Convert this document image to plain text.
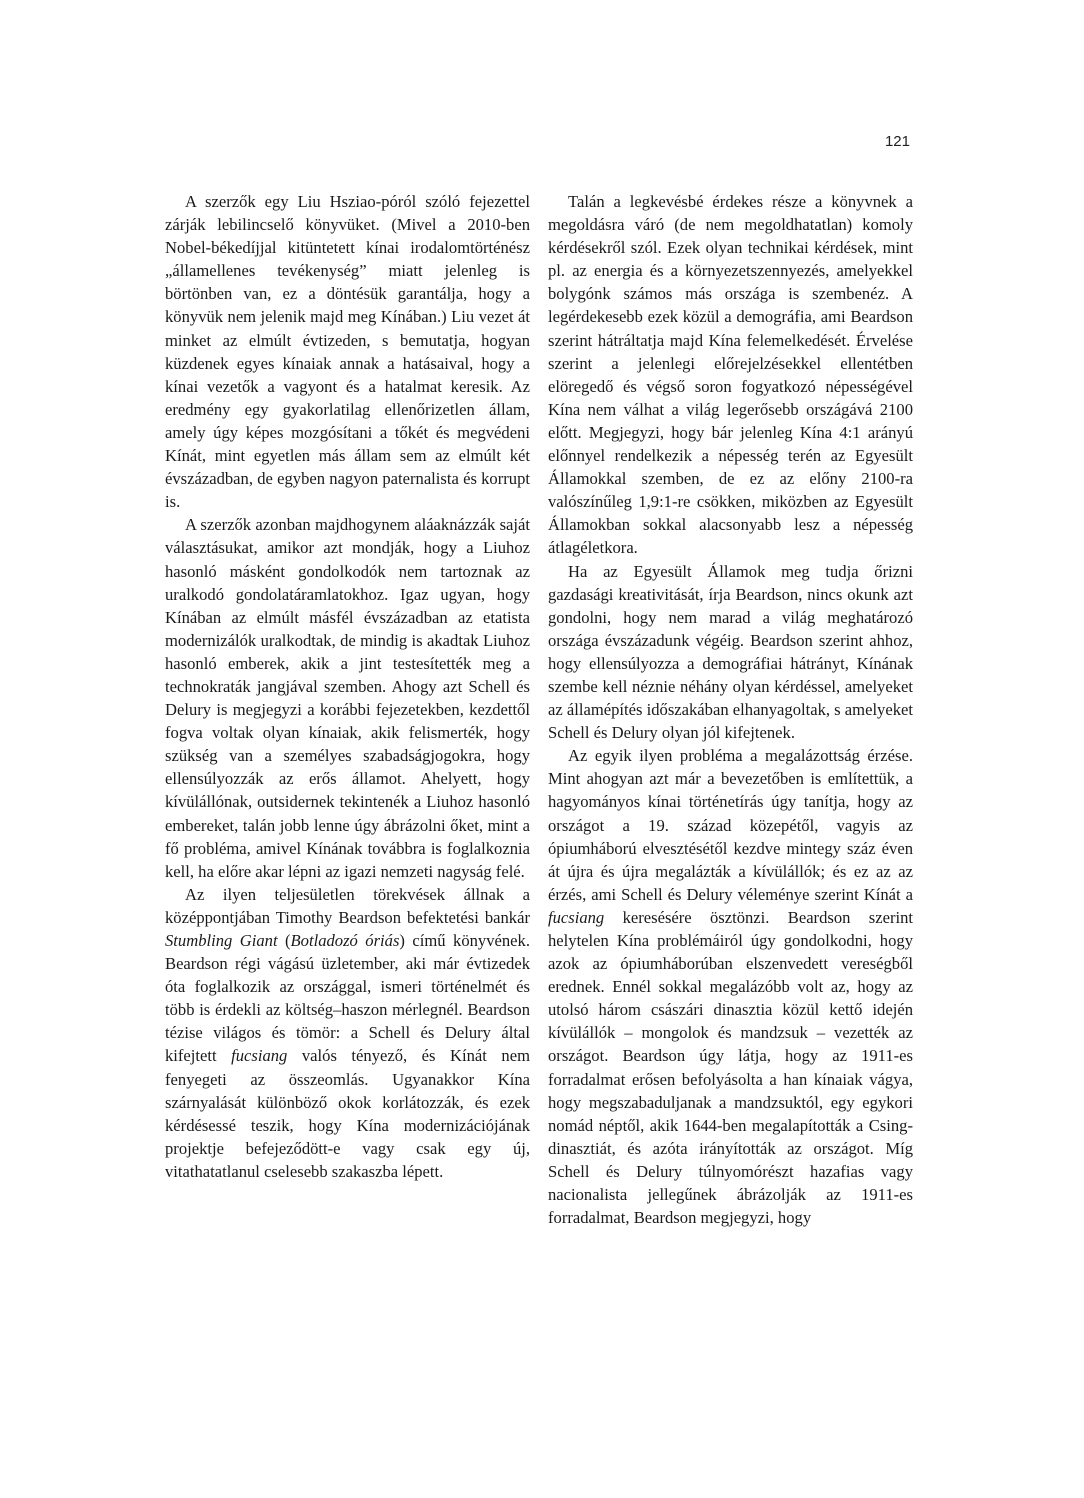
121

A szerzők egy Liu Hsziao-póról szóló fejezettel zárják lebilincselő könyvüket. (Mivel a 2010-ben Nobel-békedíjjal kitüntetett kínai irodalomtörténész „államellenes tevékenység” miatt jelenleg is börtönben van, ez a döntésük garantálja, hogy a könyvük nem jelenik majd meg Kínában.) Liu vezet át minket az elmúlt évtizeden, s bemutatja, hogyan küzdenek egyes kínaiak annak a hatásaival, hogy a kínai vezetők a vagyont és a hatalmat keresik. Az eredmény egy gyakorlatilag ellenőrizetlen állam, amely úgy képes mozgósítani a tőkét és megvédeni Kínát, mint egyetlen más állam sem az elmúlt két évszázadban, de egyben nagyon paternalista és korrupt is.

A szerzők azonban majdhogynem aláaknázzák saját választásukat, amikor azt mondják, hogy a Liuhoz hasonló másként gondolkodók nem tartoznak az uralkodó gondolatáramlatokhoz. Igaz ugyan, hogy Kínában az elmúlt másfél évszázadban az etatista modernizálók uralkodtak, de mindig is akadtak Liuhoz hasonló emberek, akik a jint testesítették meg a technokraták jangjával szemben. Ahogy azt Schell és Delury is megjegyzi a korábbi fejezetekben, kezdettől fogva voltak olyan kínaiak, akik felismerték, hogy szükség van a személyes szabadságjogokra, hogy ellensúlyozzák az erős államot. Ahelyett, hogy kívülállónak, outsidernek tekintenék a Liuhoz hasonló embereket, talán jobb lenne úgy ábrázolni őket, mint a fő probléma, amivel Kínának továbbra is foglalkoznia kell, ha előre akar lépni az igazi nemzeti nagyság felé.

Az ilyen teljesületlen törekvések állnak a középpontjában Timothy Beardson befektetési bankár Stumbling Giant (Botladozó óriás) című könyvének. Beardson régi vágású üzletember, aki már évtizedek óta foglalkozik az országgal, ismeri történelmét és több is érdekli az költség–haszon mérlegnél. Beardson tézise világos és tömör: a Schell és Delury által kifejtett fucsiang valós tényező, és Kínát nem fenyegeti az összeomlás. Ugyanakkor Kína szárnyalását különböző okok korlátozzák, és ezek kérdésessé teszik, hogy Kína modernizációjának projektje befejeződött-e vagy csak egy új, vitathatatlanul cselesebb szakaszba lépett.

Talán a legkevésbé érdekes része a könyvnek a megoldásra váró (de nem megoldhatatlan) komoly kérdésekről szól. Ezek olyan technikai kérdések, mint pl. az energia és a környezetszennyezés, amelyekkel bolygónk számos más országa is szembenéz. A legérdekesebb ezek közül a demográfia, ami Beardson szerint hátráltatja majd Kína felemelkedését. Érvelése szerint a jelenlegi előrejelzésekkel ellentétben elöregedő és végső soron fogyatkozó népességével Kína nem válhat a világ legerősebb országává 2100 előtt. Megjegyzi, hogy bár jelenleg Kína 4:1 arányú előnnyel rendelkezik a népesség terén az Egyesült Államokkal szemben, de ez az előny 2100-ra valószínűleg 1,9:1-re csökken, miközben az Egyesült Államokban sokkal alacsonyabb lesz a népesség átlagéletkora.

Ha az Egyesült Államok meg tudja őrizni gazdasági kreativitását, írja Beardson, nincs okunk azt gondolni, hogy nem marad a világ meghatározó országa évszázadunk végéig. Beardson szerint ahhoz, hogy ellensúlyozza a demográfiai hátrányt, Kínának szembe kell néznie néhány olyan kérdéssel, amelyeket az államépítés időszakában elhanyagoltak, s amelyeket Schell és Delury olyan jól kifejtenek.

Az egyik ilyen probléma a megalázottság érzése. Mint ahogyan azt már a bevezetőben is említettük, a hagyományos kínai történetírás úgy tanítja, hogy az országot a 19. század közepétől, vagyis az ópiumháború elvesztésétől kezdve mintegy száz éven át újra és újra megalázták a kívülállók; és ez az az érzés, ami Schell és Delury véleménye szerint Kínát a fucsiang keresésére ösztönzi. Beardson szerint helytelen Kína problémáiról úgy gondolkodni, hogy azok az ópiumháborúban elszenvedett vereségből erednek. Ennél sokkal megalázóbb volt az, hogy az utolsó három császári dinasztia közül kettő idején kívülállók – mongolok és mandzsuk – vezették az országot. Beardson úgy látja, hogy az 1911-es forradalmat erősen befolyásolta a han kínaiak vágya, hogy megszabaduljanak a mandzsuktól, egy egykori nomád néptől, akik 1644-ben megalapították a Csing-dinasztiát, és azóta irányították az országot. Míg Schell és Delury túlnyomórészt hazafias vagy nacionalista jellegűnek ábrázolják az 1911-es forradalmat, Beardson megjegyzi, hogy
